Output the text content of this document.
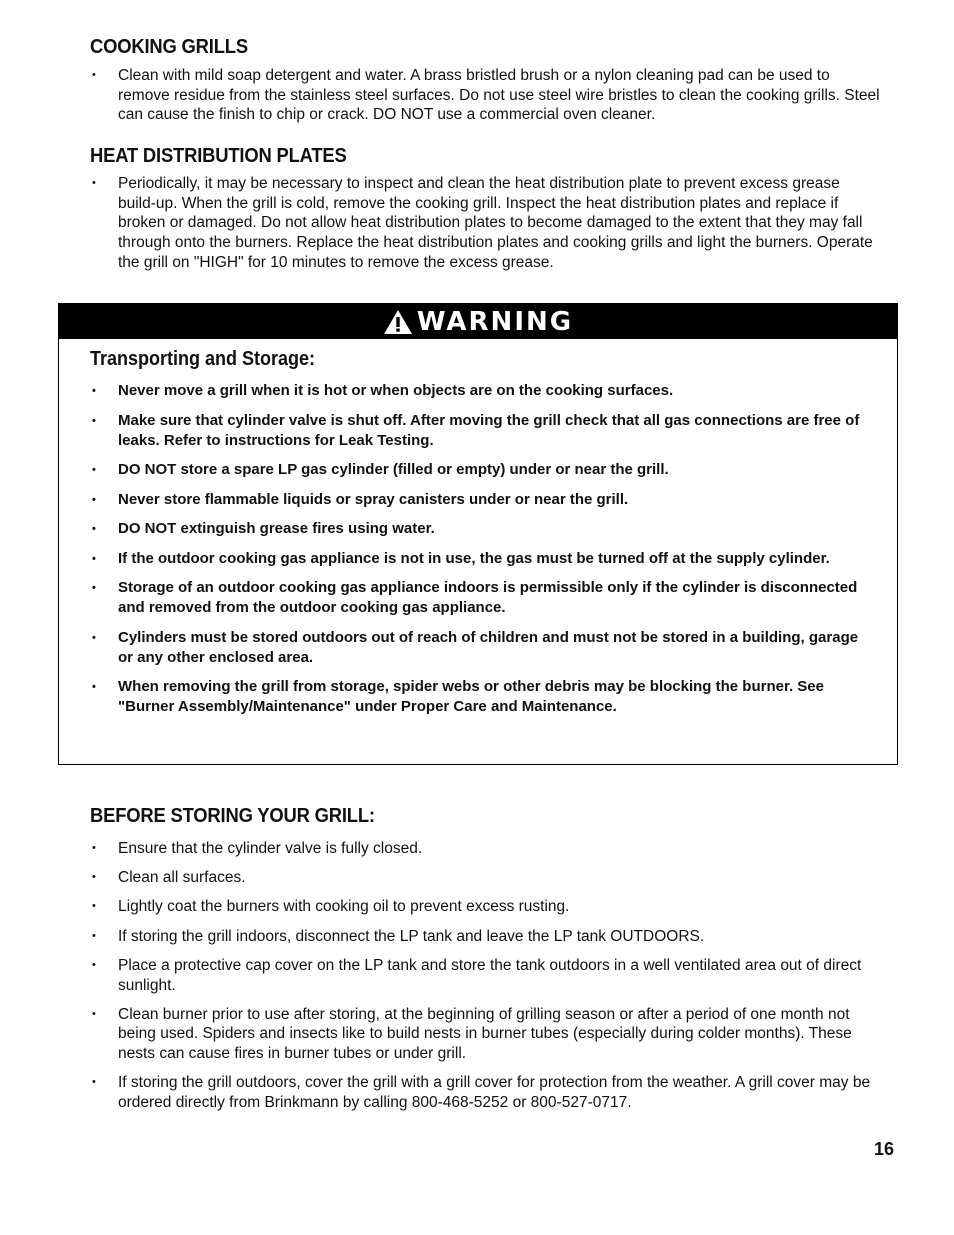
COOKING GRILLS
• Clean with mild soap detergent and water. A brass bristled brush or a nylon cleaning pad can be used to remove residue from the stainless steel surfaces. Do not use steel wire bristles to clean the cooking grills. Steel can cause the finish to chip or crack. DO NOT use a commercial oven cleaner.
HEAT DISTRIBUTION PLATES
• Periodically, it may be necessary to inspect and clean the heat distribution plate to prevent excess grease build-up. When the grill is cold, remove the cooking grill. Inspect the heat distribution plates and replace if broken or damaged. Do not allow heat distribution plates to become damaged to the extent that they may fall through onto the burners. Replace the heat distribution plates and cooking grills and light the burners. Operate the grill on "HIGH" for 10 minutes to remove the excess grease.
WARNING
Transporting and Storage:
• Never move a grill when it is hot or when objects are on the cooking surfaces.
• Make sure that cylinder valve is shut off. After moving the grill check that all gas connections are free of leaks. Refer to instructions for Leak Testing.
• DO NOT store a spare LP gas cylinder (filled or empty) under or near the grill.
• Never store flammable liquids or spray canisters under or near the grill.
• DO NOT extinguish grease fires using water.
• If the outdoor cooking gas appliance is not in use, the gas must be turned off at the supply cylinder.
• Storage of an outdoor cooking gas appliance indoors is permissible only if the cylinder is disconnected and removed from the outdoor cooking gas appliance.
• Cylinders must be stored outdoors out of reach of children and must not be stored in a building, garage or any other enclosed area.
• When removing the grill from storage, spider webs or other debris may be blocking the burner. See "Burner Assembly/Maintenance" under Proper Care and Maintenance.
BEFORE STORING YOUR GRILL:
• Ensure that the cylinder valve is fully closed.
• Clean all surfaces.
• Lightly coat the burners with cooking oil to prevent excess rusting.
• If storing the grill indoors, disconnect the LP tank and leave the LP tank OUTDOORS.
• Place a protective cap cover on the LP tank and store the tank outdoors in a well ventilated area out of direct sunlight.
• Clean burner prior to use after storing, at the beginning of grilling season or after a period of one month not being used. Spiders and insects like to build nests in burner tubes (especially during colder months). These nests can cause fires in burner tubes or under grill.
• If storing the grill outdoors, cover the grill with a grill cover for protection from the weather. A grill cover may be ordered directly from Brinkmann by calling 800-468-5252 or 800-527-0717.
16
